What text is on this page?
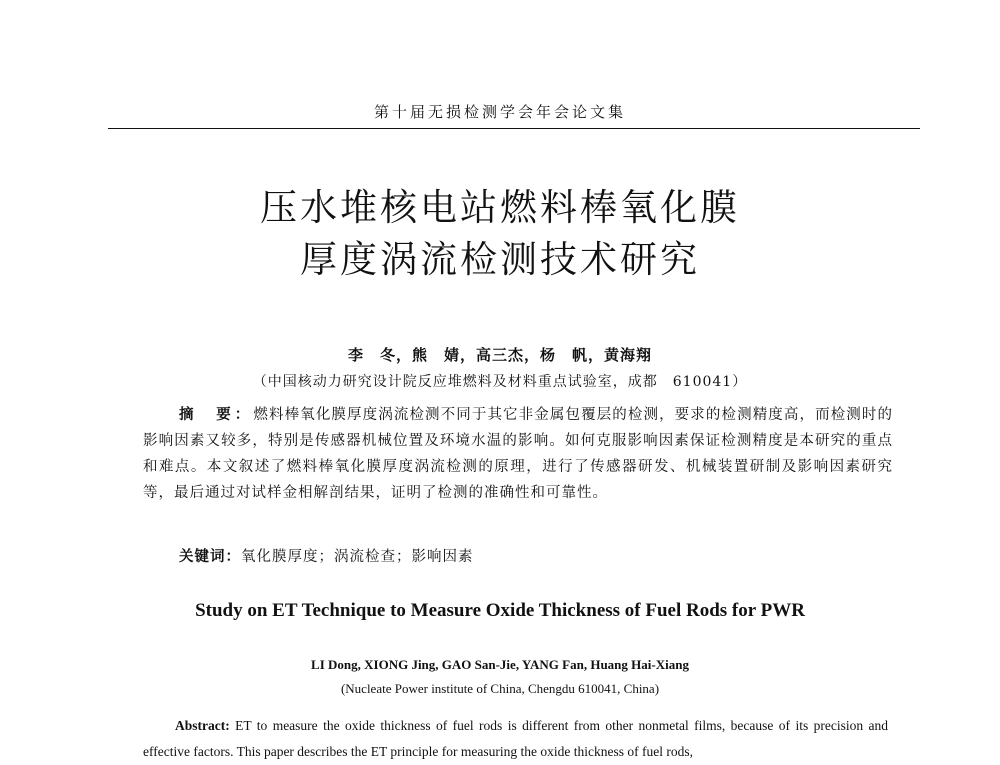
第十届无损检测学会年会论文集
压水堆核电站燃料棒氧化膜
厚度涡流检测技术研究
李　冬，熊　婧，高三杰，杨　帆，黄海翔
（中国核动力研究设计院反应堆燃料及材料重点试验室，成都　610041）

摘　要：燃料棒氧化膜厚度涡流检测不同于其它非金属包覆层的检测，要求的检测精度高，而检测时的影响因素又较多，特别是传感器机械位置及环境水温的影响。如何克服影响因素保证检测精度是本研究的重点和难点。本文叙述了燃料棒氧化膜厚度涡流检测的原理，进行了传感器研发、机械装置研制及影响因素研究等，最后通过对试样金相解剖结果，证明了检测的准确性和可靠性。

关键词：氧化膜厚度；涡流检查；影响因素
Study on ET Technique to Measure Oxide Thickness of Fuel Rods for PWR
LI Dong, XIONG Jing, GAO San-Jie, YANG Fan, Huang Hai-Xiang
(Nucleate Power institute of China, Chengdu 610041, China)

Abstract: ET to measure the oxide thickness of fuel rods is different from other nonmetal films, because of its precision and effective factors. This paper describes the ET principle for measuring the oxide thickness of fuel rods,
